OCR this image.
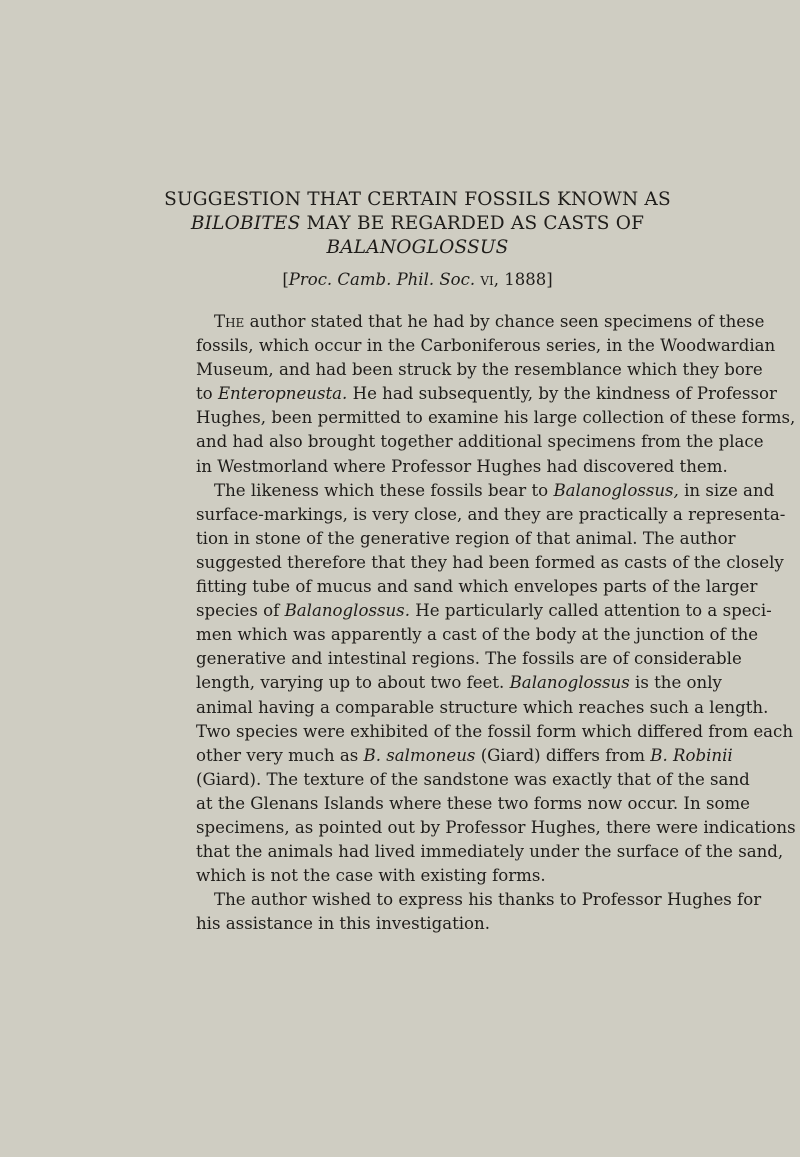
SUGGESTION THAT CERTAIN FOSSILS KNOWN AS
BILOBITES MAY BE REGARDED AS CASTS OF
BALANOGLOSSUS
[Proc. Camb. Phil. Soc. vi, 1888]
The author stated that he had by chance seen specimens of these
fossils, which occur in the Carboniferous series, in the Woodwardian
Museum, and had been struck by the resemblance which they bore
to Enteropneusta. He had subsequently, by the kindness of Professor
Hughes, been permitted to examine his large collection of these forms,
and had also brought together additional specimens from the place
in Westmorland where Professor Hughes had discovered them.
The likeness which these fossils bear to Balanoglossus, in size and
surface-markings, is very close, and they are practically a representa-
tion in stone of the generative region of that animal. The author
suggested therefore that they had been formed as casts of the closely
fitting tube of mucus and sand which envelopes parts of the larger
species of Balanoglossus. He particularly called attention to a speci-
men which was apparently a cast of the body at the junction of the
generative and intestinal regions. The fossils are of considerable
length, varying up to about two feet. Balanoglossus is the only
animal having a comparable structure which reaches such a length.
Two species were exhibited of the fossil form which differed from each
other very much as B. salmoneus (Giard) differs from B. Robinii
(Giard). The texture of the sandstone was exactly that of the sand
at the Glenans Islands where these two forms now occur. In some
specimens, as pointed out by Professor Hughes, there were indications
that the animals had lived immediately under the surface of the sand,
which is not the case with existing forms.
The author wished to express his thanks to Professor Hughes for
his assistance in this investigation.
